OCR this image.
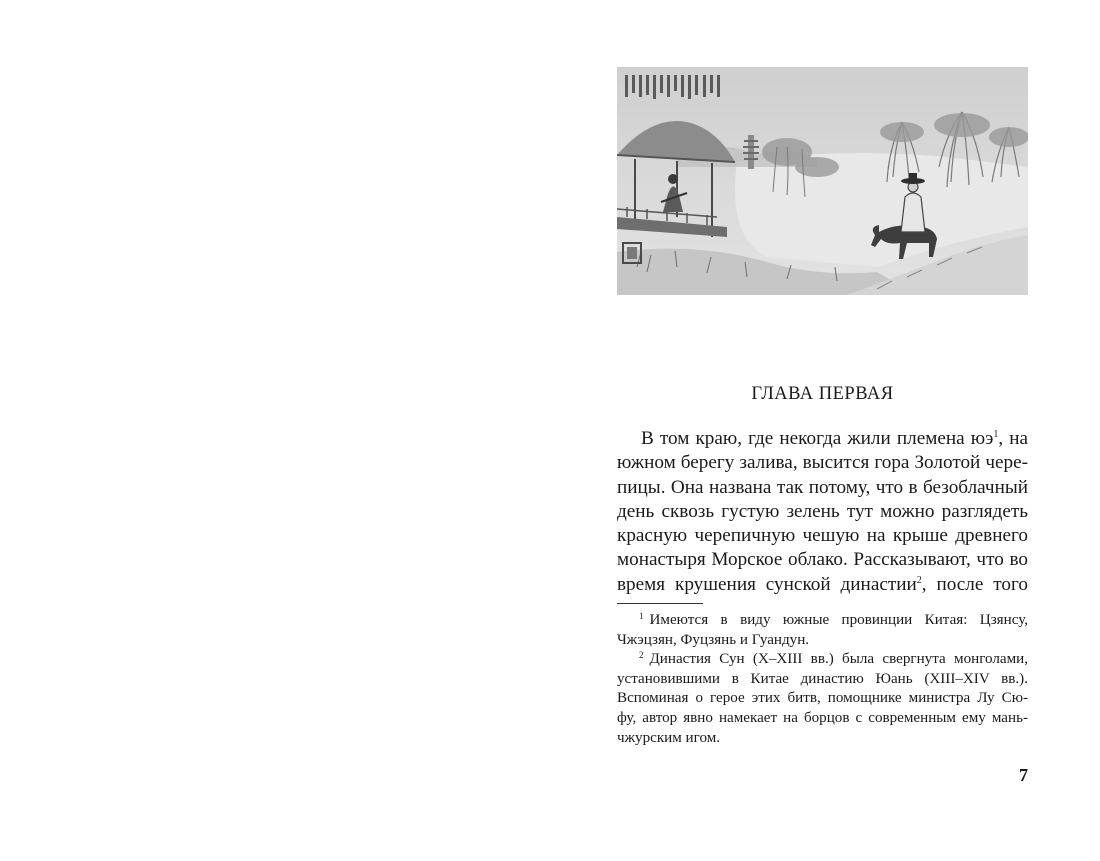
ГЛАВА ПЕРВАЯ
В том краю, где некогда жили племена $юэ^1$, на
южном берегу залива, высится гора Золотой чере-
пицы. Она названа так потому, что в безоблачный
день сквозь густую зелень тут можно разглядеть
красную черепичную чешую на крыше древнего
монастыря Морское облако. Рассказывают, что во
время крушения сунской династии$^2$, после того
$^1$ Имеются в виду южные провинции Китая: Цзянсу,
Чжэцзян, Фуцзянь и Гуандун.
$^2$ Династия Сун (X–XIII вв.) была свергнута монголами,
установившими в Китае династию Юань (XIII–XIV вв.).
Вспоминая о герое этих битв, помощнике министра Лу Сю-
фу, автор явно намекает на борцов с современным ему мань-
чжурским игом.
7
